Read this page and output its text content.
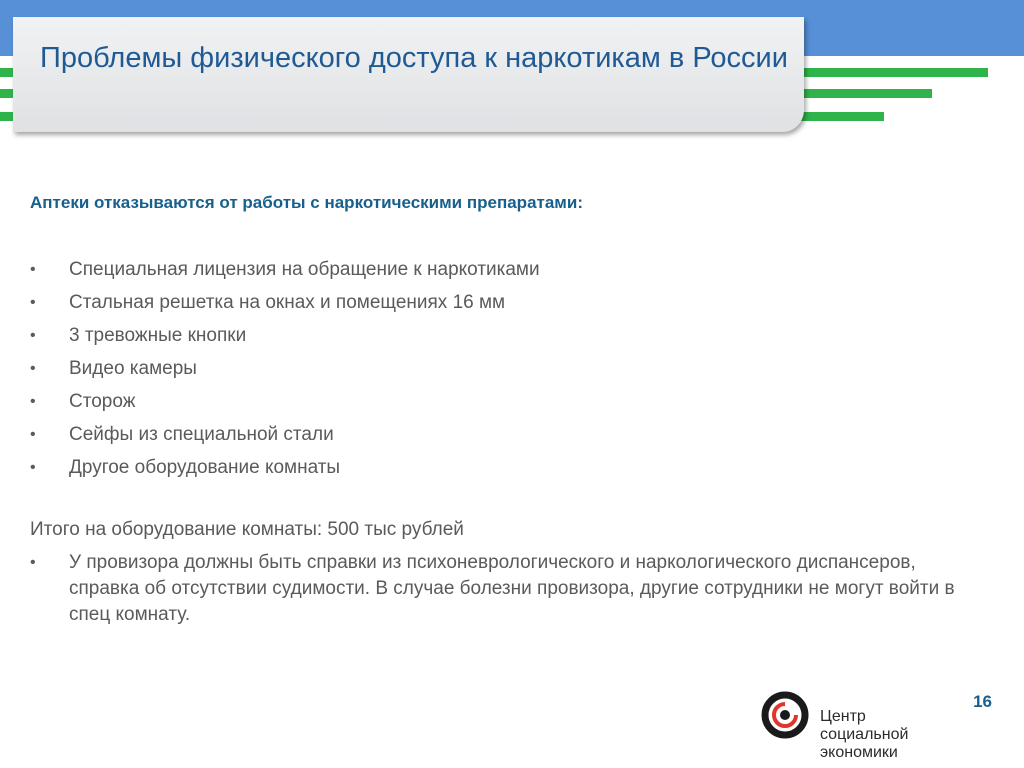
Проблемы физического доступа к наркотикам в России

Аптеки отказываются от работы с наркотическими препаратами:

• Специальная лицензия на обращение к наркотиками
• Стальная решетка на окнах и помещениях 16 мм
• 3 тревожные кнопки
• Видео камеры
• Сторож
• Сейфы из специальной стали
• Другое оборудование комнаты

Итого на оборудование комнаты: 500 тыс рублей

• У провизора должны быть справки из психоневрологического и наркологического диспансеров, справка об отсутствии судимости. В случае болезни провизора, другие сотрудники не могут войти в спец комнату.
16

Центр
социальной
экономики
